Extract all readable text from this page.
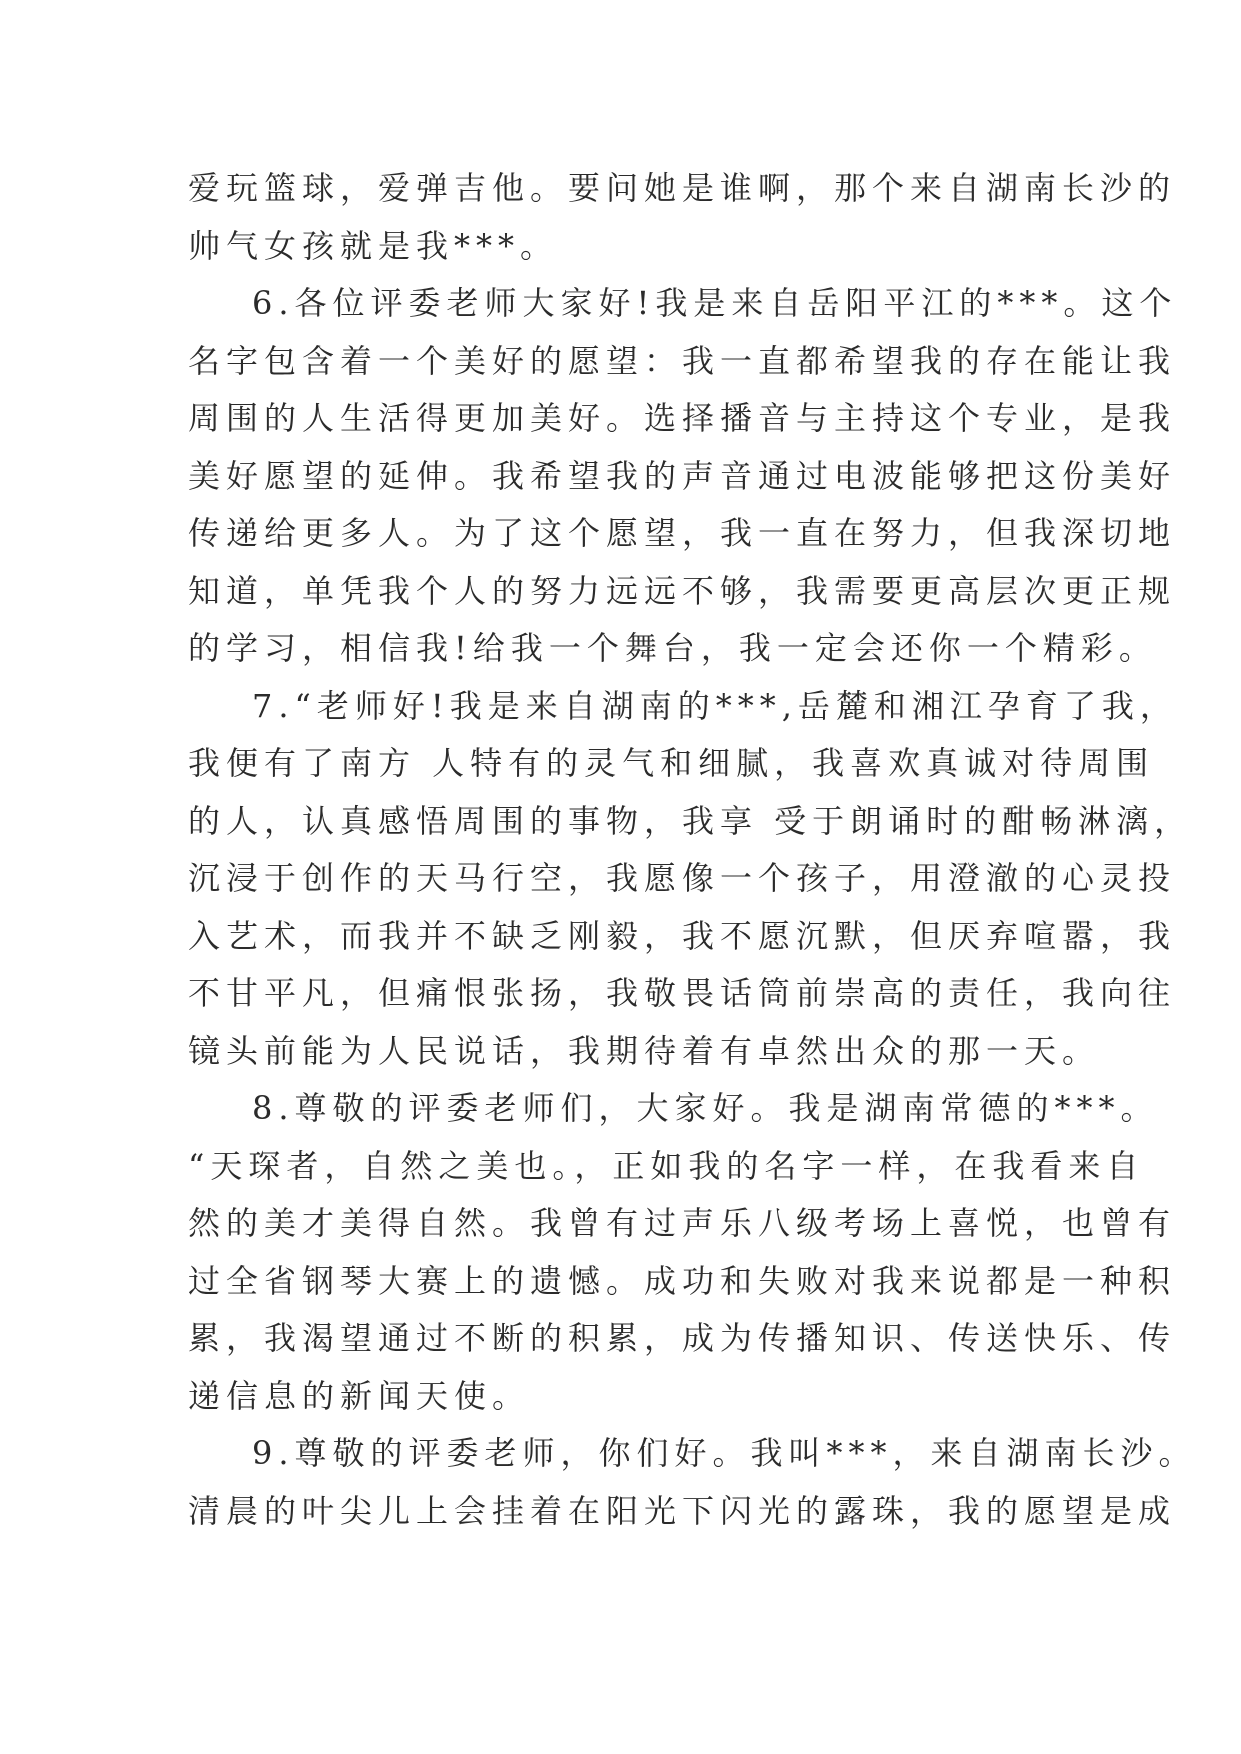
爱玩篮球，爱弹吉他。要问她是谁啊，那个来自湖南长沙的

帅气女孩就是我***。

6.各位评委老师大家好!我是来自岳阳平江的***。这个

名字包含着一个美好的愿望：我一直都希望我的存在能让我

周围的人生活得更加美好。选择播音与主持这个专业，是我

美好愿望的延伸。我希望我的声音通过电波能够把这份美好

传递给更多人。为了这个愿望，我一直在努力，但我深切地

知道，单凭我个人的努力远远不够，我需要更高层次更正规

的学习，相信我!给我一个舞台，我一定会还你一个精彩。

7.“老师好!我是来自湖南的***,岳麓和湘江孕育了我，

我便有了南方 人特有的灵气和细腻，我喜欢真诚对待周围

的人，认真感悟周围的事物，我享 受于朗诵时的酣畅淋漓，

沉浸于创作的天马行空，我愿像一个孩子，用澄澈的心灵投

入艺术，而我并不缺乏刚毅，我不愿沉默，但厌弃喧嚣，我

不甘平凡，但痛恨张扬，我敬畏话筒前崇高的责任，我向往

镜头前能为人民说话，我期待着有卓然出众的那一天。

8.尊敬的评委老师们，大家好。我是湖南常德的***。

“天琛者，自然之美也。，正如我的名字一样，在我看来自

然的美才美得自然。我曾有过声乐八级考场上喜悦，也曾有

过全省钢琴大赛上的遗憾。成功和失败对我来说都是一种积

累，我渴望通过不断的积累，成为传播知识、传送快乐、传

递信息的新闻天使。

9.尊敬的评委老师，你们好。我叫***，来自湖南长沙。

清晨的叶尖儿上会挂着在阳光下闪光的露珠，我的愿望是成
